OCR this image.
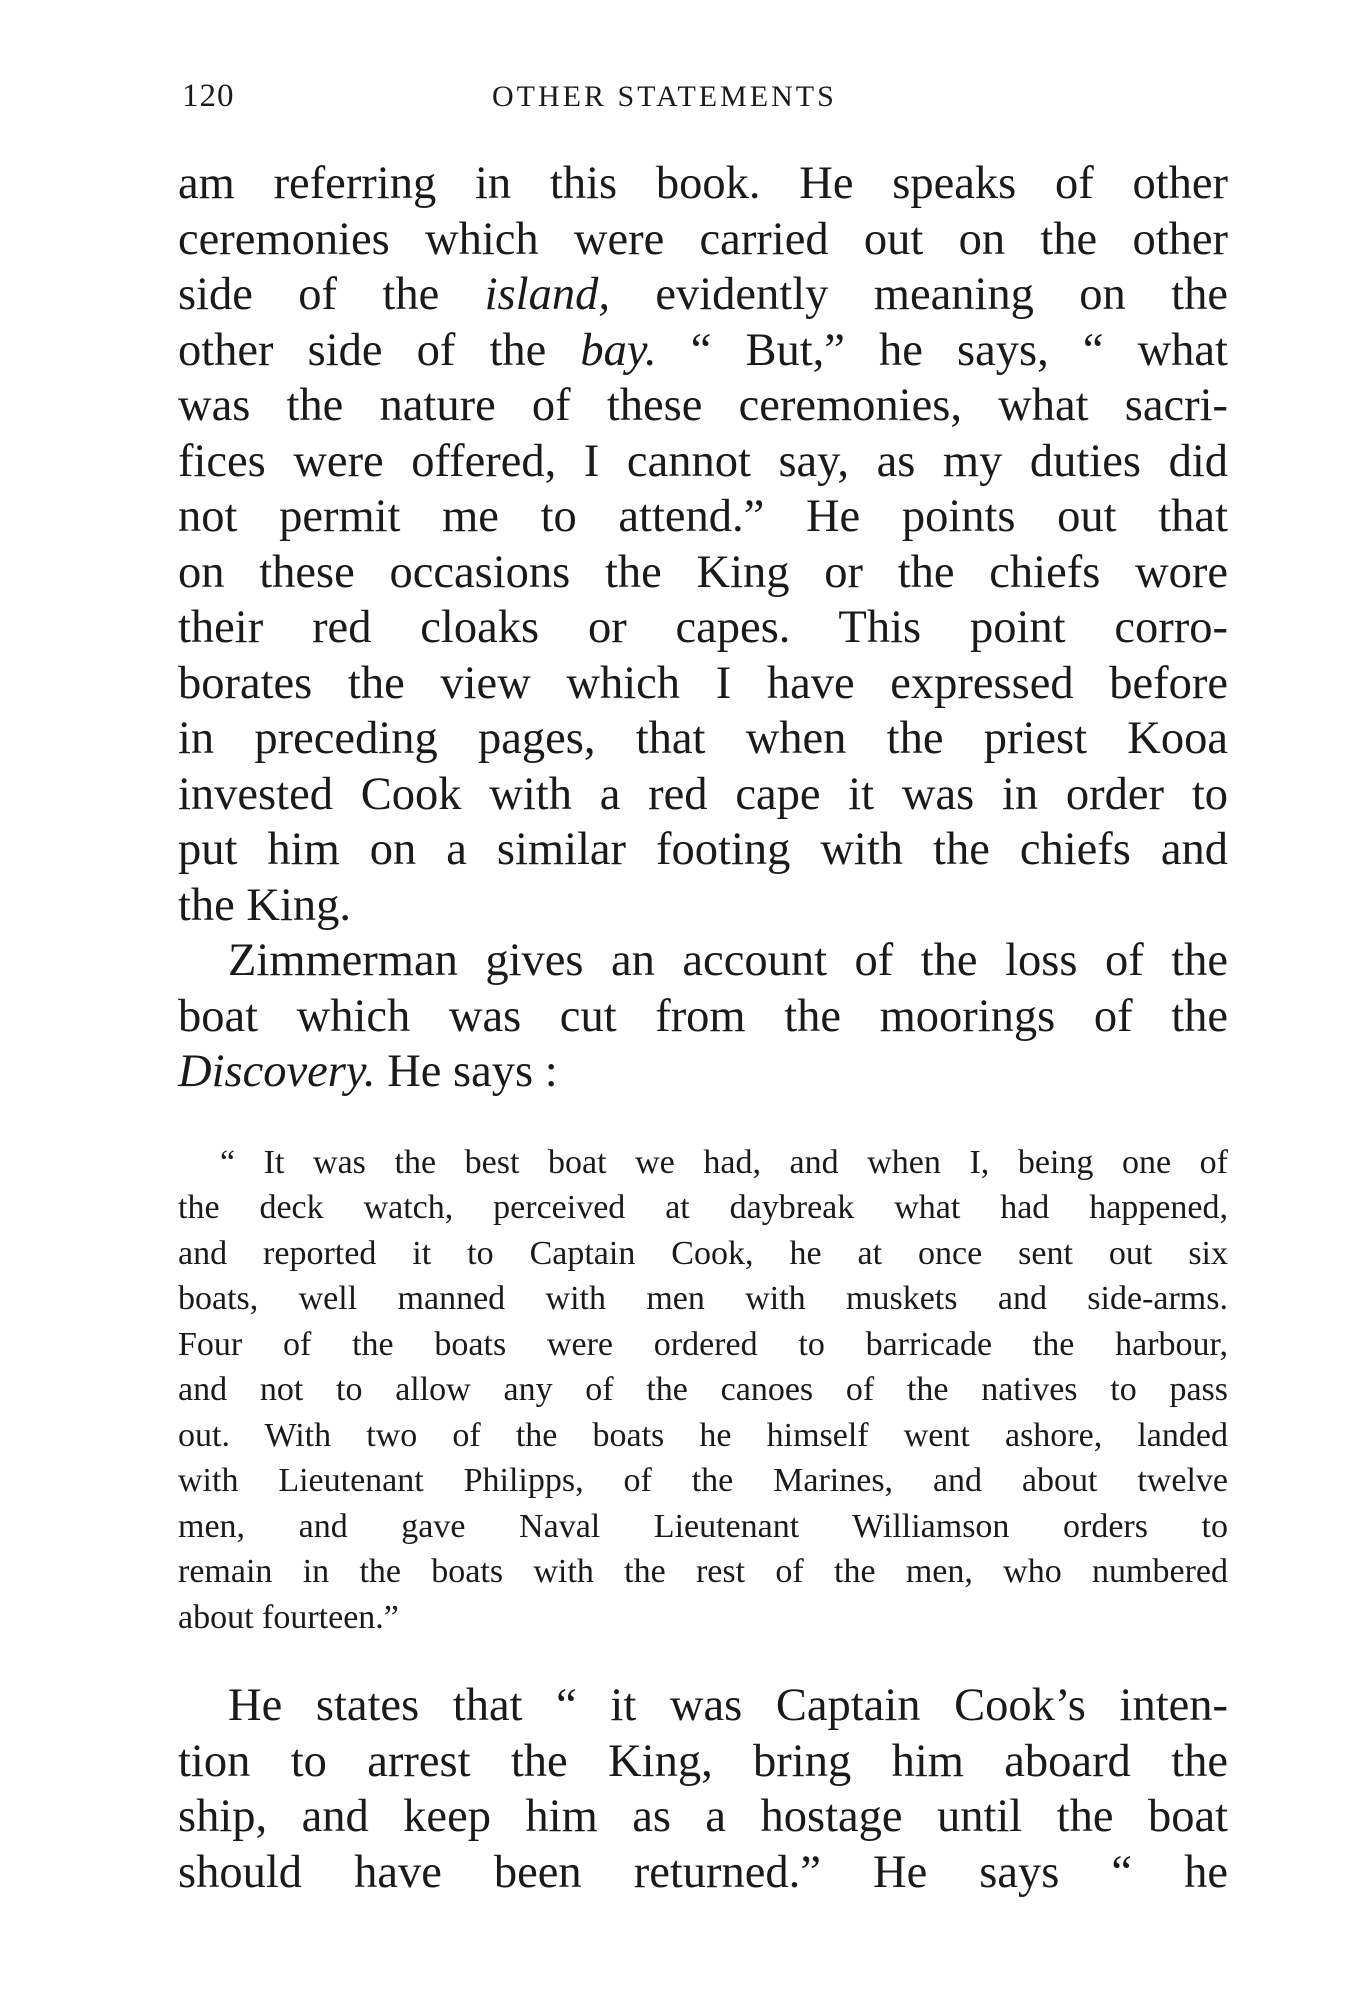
120	OTHER STATEMENTS

am referring in this book. He speaks of other
ceremonies which were carried out on the other
side of the island, evidently meaning on the
other side of the bay. “ But,” he says, “ what
was the nature of these ceremonies, what sacri-
fices were offered, I cannot say, as my duties did
not permit me to attend.” He points out that
on these occasions the King or the chiefs wore
their red cloaks or capes. This point corro-
borates the view which I have expressed before
in preceding pages, that when the priest Kooa
invested Cook with a red cape it was in order to
put him on a similar footing with the chiefs and
the King.

Zimmerman gives an account of the loss of the
boat which was cut from the moorings of the
Discovery. He says :

“ It was the best boat we had, and when I, being one of
the deck watch, perceived at daybreak what had happened,
and reported it to Captain Cook, he at once sent out six
boats, well manned with men with muskets and side-arms.
Four of the boats were ordered to barricade the harbour,
and not to allow any of the canoes of the natives to pass
out. With two of the boats he himself went ashore, landed
with Lieutenant Philipps, of the Marines, and about twelve
men, and gave Naval Lieutenant Williamson orders to
remain in the boats with the rest of the men, who numbered
about fourteen.”

He states that “ it was Captain Cook’s inten-
tion to arrest the King, bring him aboard the
ship, and keep him as a hostage until the boat
should have been returned.” He says “ he
